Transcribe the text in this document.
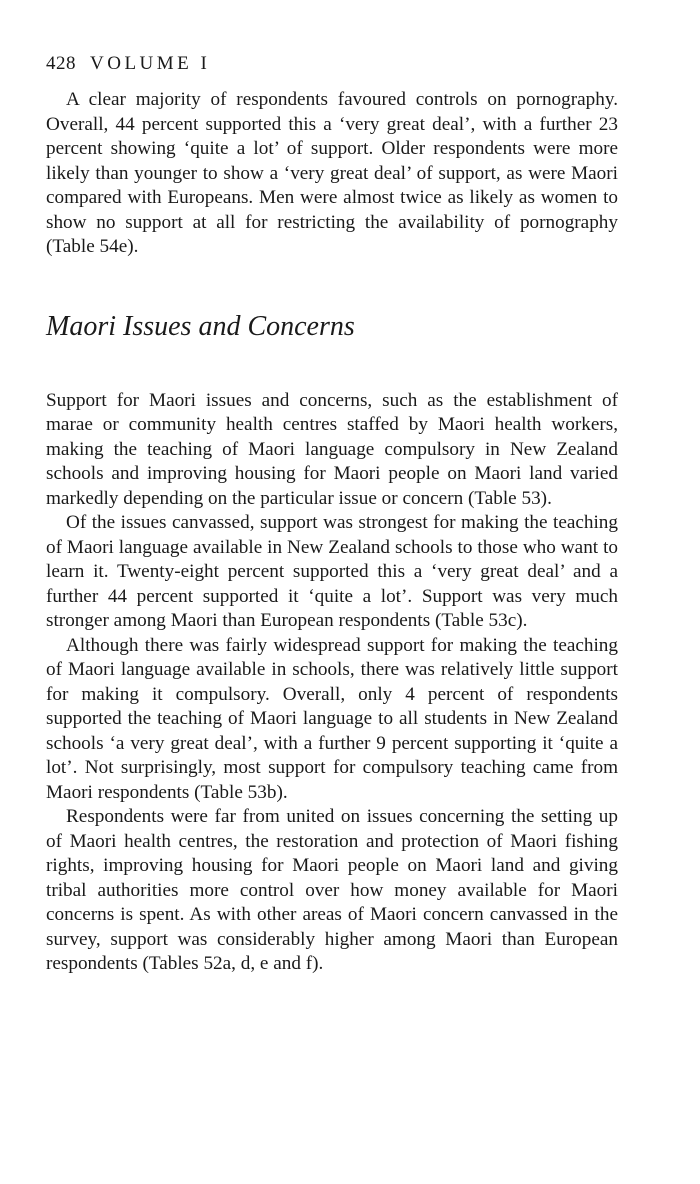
428 VOLUME I

A clear majority of respondents favoured controls on pornography. Overall, 44 percent supported this a ‘very great deal’, with a further 23 percent showing ‘quite a lot’ of support. Older respondents were more likely than younger to show a ‘very great deal’ of support, as were Maori compared with Europeans. Men were almost twice as likely as women to show no support at all for restricting the availability of pornography (Table 54e).

Maori Issues and Concerns

Support for Maori issues and concerns, such as the establishment of marae or community health centres staffed by Maori health workers, making the teaching of Maori language compulsory in New Zealand schools and improving housing for Maori people on Maori land varied markedly depending on the particular issue or concern (Table 53).

Of the issues canvassed, support was strongest for making the teaching of Maori language available in New Zealand schools to those who want to learn it. Twenty-eight percent supported this a ‘very great deal’ and a further 44 percent supported it ‘quite a lot’. Support was very much stronger among Maori than European respondents (Table 53c).

Although there was fairly widespread support for making the teaching of Maori language available in schools, there was relatively little support for making it compulsory. Overall, only 4 percent of respondents supported the teaching of Maori language to all students in New Zealand schools ‘a very great deal’, with a further 9 percent supporting it ‘quite a lot’. Not surprisingly, most support for compulsory teaching came from Maori respondents (Table 53b).

Respondents were far from united on issues concerning the setting up of Maori health centres, the restoration and protection of Maori fishing rights, improving housing for Maori people on Maori land and giving tribal authorities more control over how money available for Maori concerns is spent. As with other areas of Maori concern canvassed in the survey, support was considerably higher among Maori than European respondents (Tables 52a, d, e and f).
